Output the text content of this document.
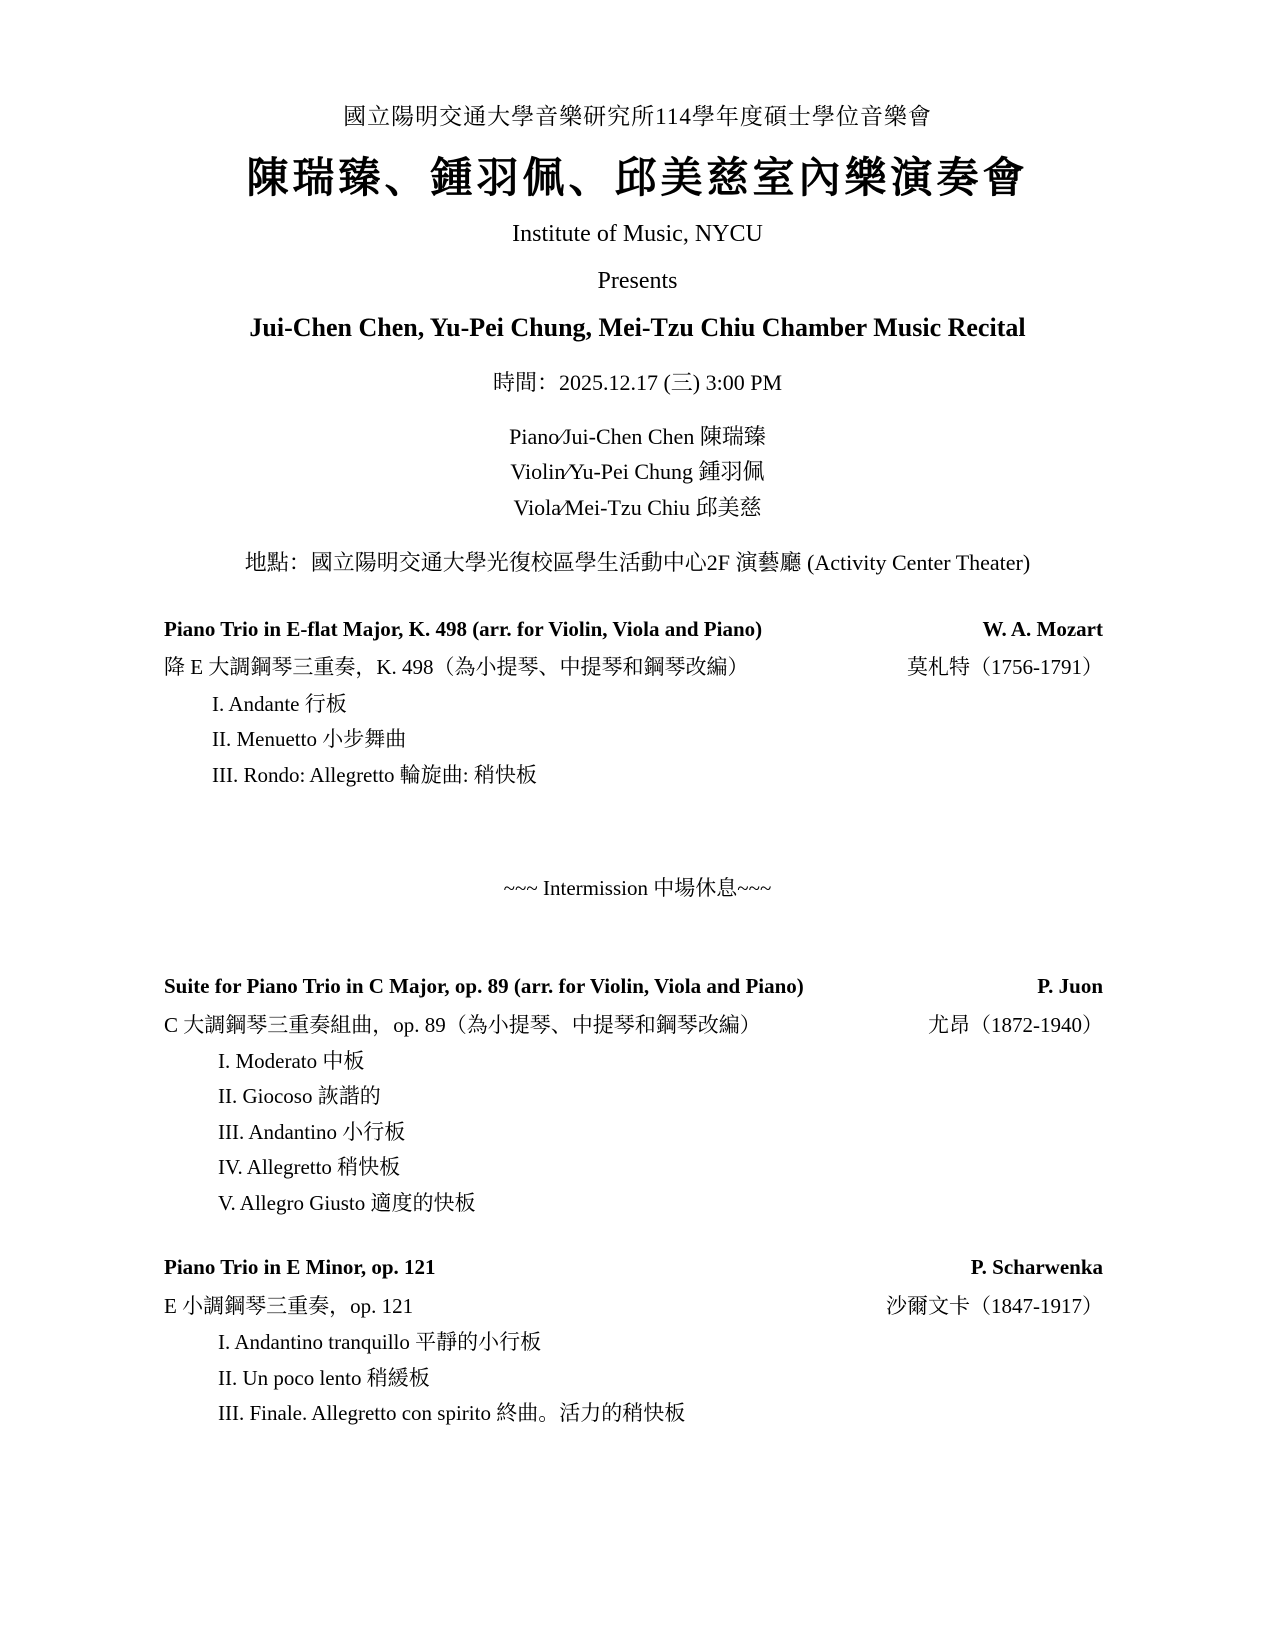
國立陽明交通大學音樂研究所114學年度碩士學位音樂會
陳瑞臻、鍾羽佩、邱美慈室內樂演奏會
Institute of Music, NYCU
Presents
Jui-Chen Chen, Yu-Pei Chung, Mei-Tzu Chiu Chamber Music Recital
時間：2025.12.17 (三) 3:00 PM
Piano⁄Jui-Chen Chen 陳瑞臻
Violin⁄Yu-Pei Chung 鍾羽佩
Viola⁄Mei-Tzu Chiu 邱美慈
地點：國立陽明交通大學光復校區學生活動中心2F 演藝廳 (Activity Center Theater)
Piano Trio in E-flat Major, K. 498 (arr. for Violin, Viola and Piano)	W. A. Mozart
降 E 大調鋼琴三重奏，K. 498（為小提琴、中提琴和鋼琴改編）	莫札特（1756-1791）
I. Andante 行板
II. Menuetto 小步舞曲
III. Rondo: Allegretto 輪旋曲: 稍快板
~~~ Intermission 中場休息~~~
Suite for Piano Trio in C Major, op. 89 (arr. for Violin, Viola and Piano)	P. Juon
C 大調鋼琴三重奏組曲，op. 89（為小提琴、中提琴和鋼琴改編）	尤昂（1872-1940）
I. Moderato 中板
II. Giocoso 詼諧的
III. Andantino 小行板
IV. Allegretto 稍快板
V. Allegro Giusto 適度的快板
Piano Trio in E Minor, op. 121	P. Scharwenka
E 小調鋼琴三重奏，op. 121	沙爾文卡（1847-1917）
I. Andantino tranquillo 平靜的小行板
II. Un poco lento 稍緩板
III. Finale. Allegretto con spirito 終曲。活力的稍快板
